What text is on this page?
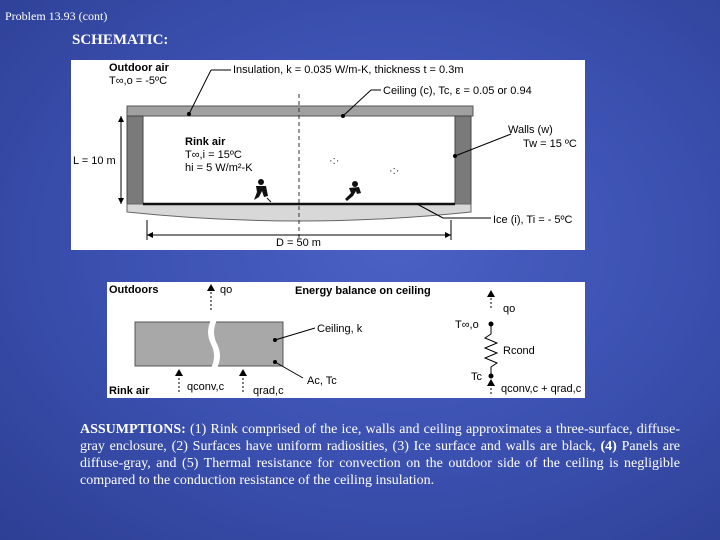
Problem 13.93 (cont)
SCHEMATIC:
·:·
·:·
Outdoor air
T∞,o = -5ºC
Insulation, k = 0.035 W/m-K, thickness t = 0.3m
Ceiling (c), Tc, ε = 0.05 or 0.94
Rink air
T∞,i = 15ºC
hi = 5 W/m²-K
Walls (w)
Tw = 15 ºC
L = 10 m
Ice (i), Ti = - 5ºC
D = 50 m
Outdoors	qo	Energy balance on ceiling
Ceiling, k
Ac, Tc
Rink air	qconv,c	qrad,c
qo
T∞,o
Rcond
Tc
qconv,c + qrad,c
ASSUMPTIONS: (1) Rink comprised of the ice, walls and ceiling approximates a three-surface, diffuse-gray enclosure, (2) Surfaces have uniform radiosities, (3) Ice surface and walls are black, (4) Panels are diffuse-gray, and (5) Thermal resistance for convection on the outdoor side of the ceiling is negligible compared to the conduction resistance of the ceiling insulation.
